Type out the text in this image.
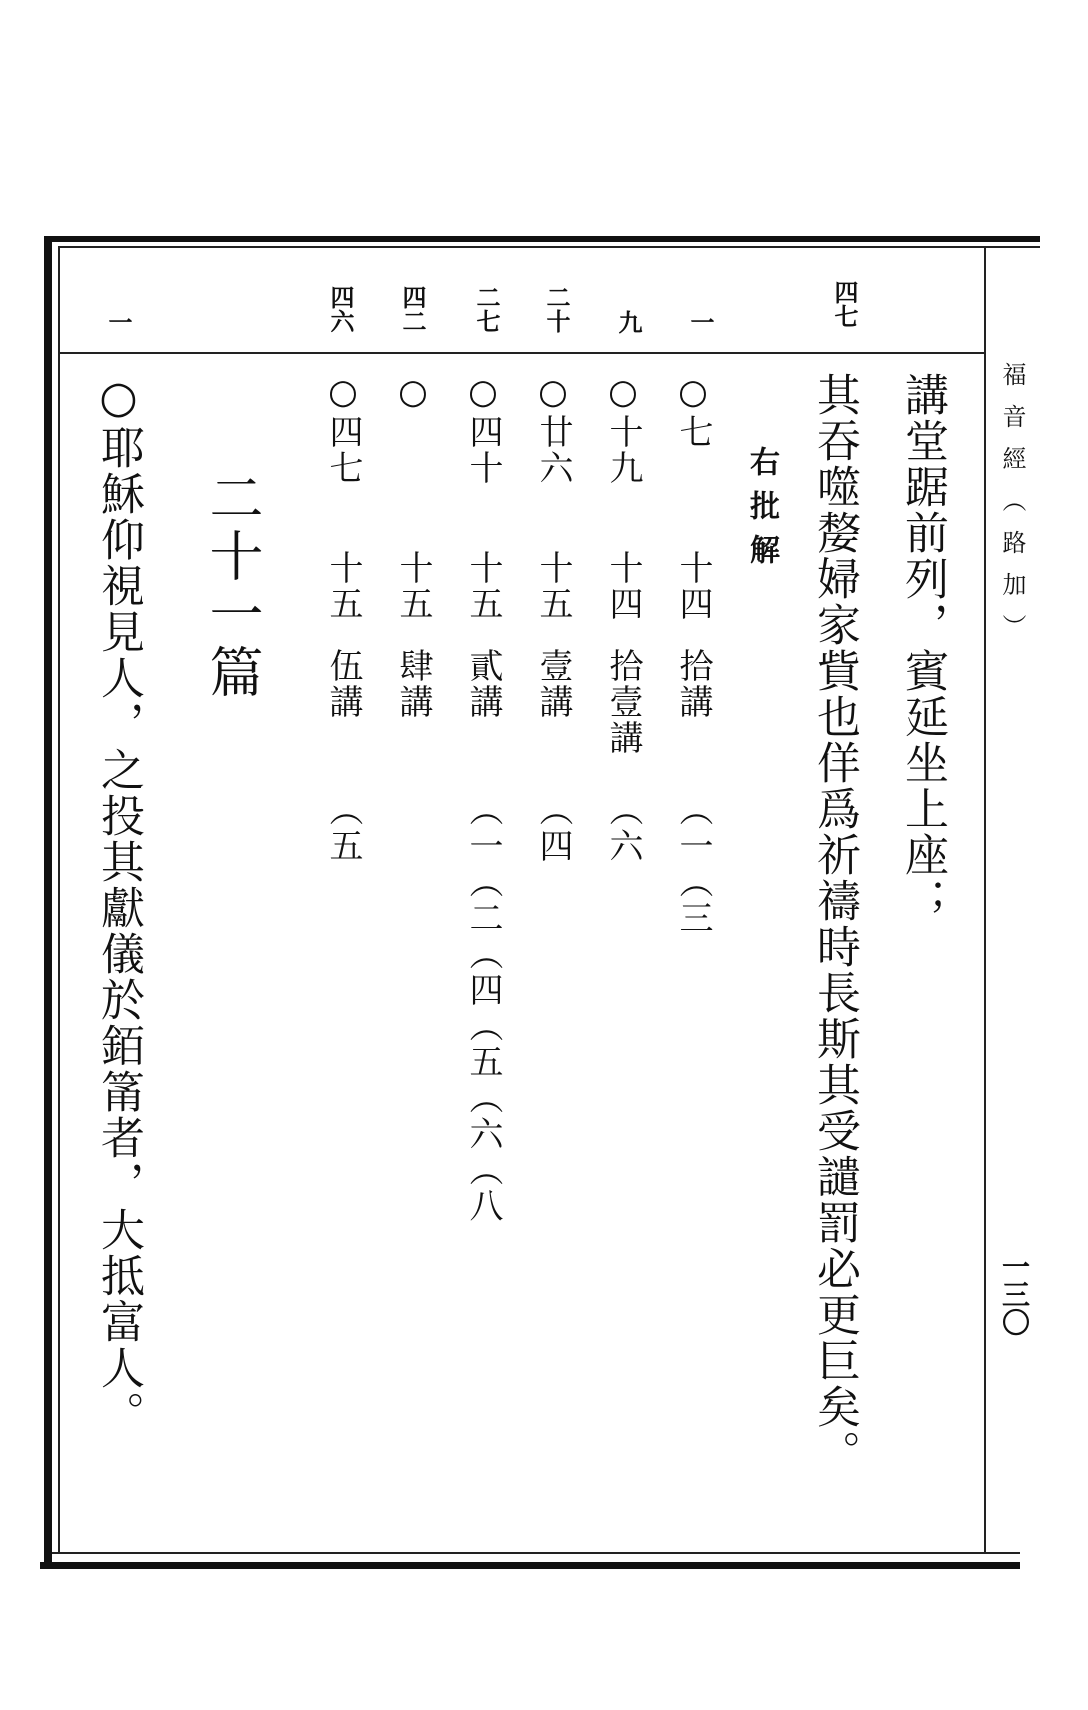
福音經（路加）
一三〇
四七
一
九
二十
二七
四二
四六
一
講堂踞前列，賓延坐上座；
其吞噬嫠婦家貲也佯爲祈禱時長斯其受譴罰必更巨矣。
右批解
○七
十四
拾講
（一（三
○十九
十四
拾壹講
（六
○廿六
十五
壹講
（四
○四十
十五
貳講
（一（二（四（五（六（八
○
十五
肆講
○四七
十五
伍講
（五
二十一篇
○耶穌仰視見人，之投其獻儀於銆筩者，大抵富人。
